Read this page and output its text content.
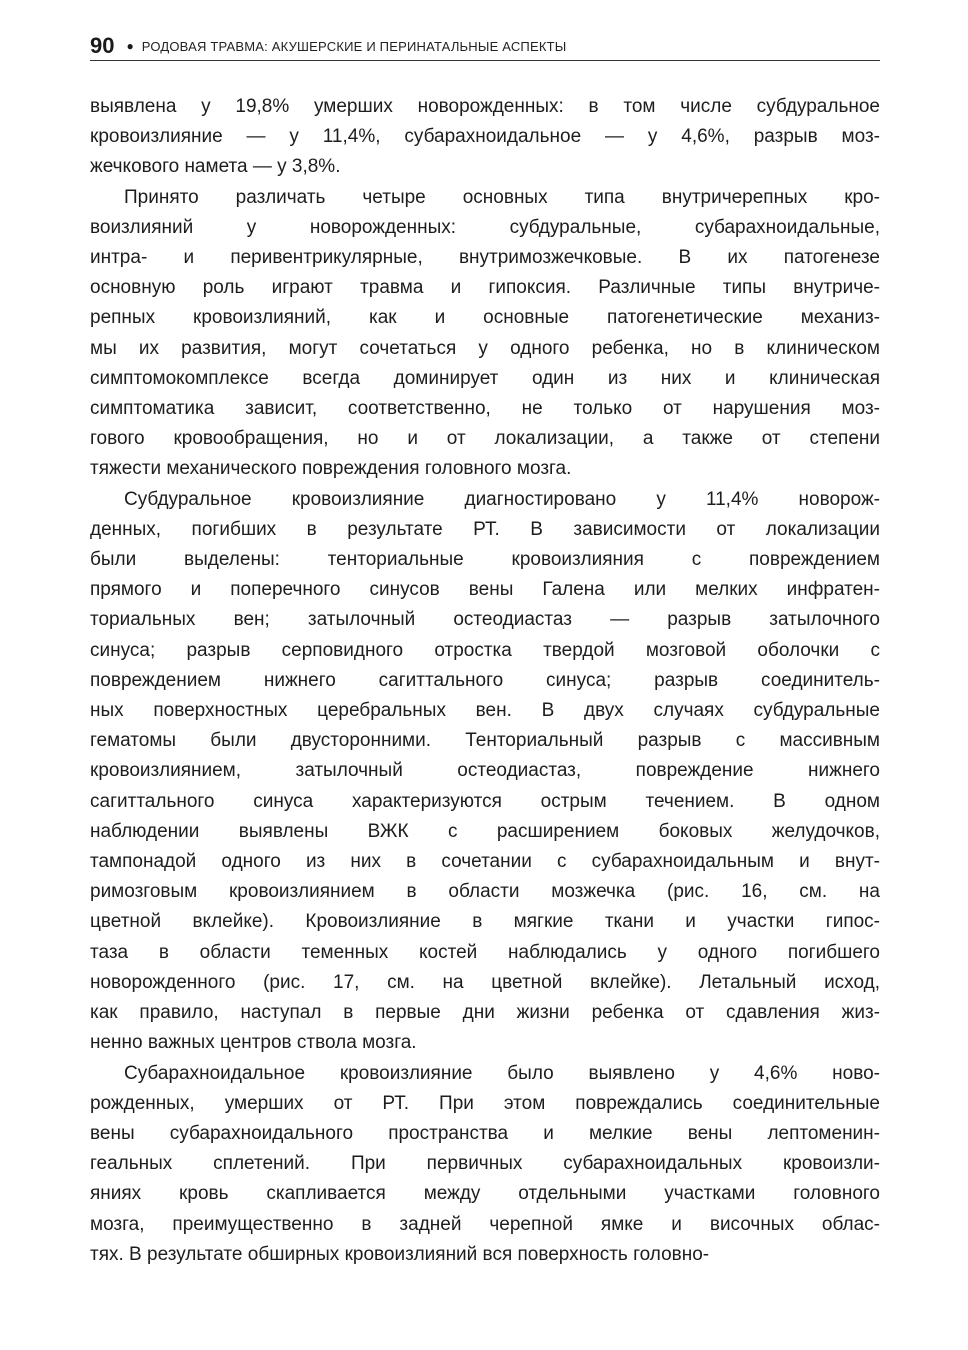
90 ● РОДОВАЯ ТРАВМА: АКУШЕРСКИЕ И ПЕРИНАТАЛЬНЫЕ АСПЕКТЫ
выявлена у 19,8% умерших новорожденных: в том числе субдуральное
кровоизлияние — у 11,4%, субарахноидальное — у 4,6%, разрыв моз-
жечкового намета — у 3,8%.
Принято различать четыре основных типа внутричерепных кро-
воизлияний у новорожденных: субдуральные, субарахноидальные,
интра- и перивентрикулярные, внутримозжечковые. В их патогенезе
основную роль играют травма и гипоксия. Различные типы внутриче-
репных кровоизлияний, как и основные патогенетические механиз-
мы их развития, могут сочетаться у одного ребенка, но в клиническом
симптомокомплексе всегда доминирует один из них и клиническая
симптоматика зависит, соответственно, не только от нарушения моз-
гового кровообращения, но и от локализации, а также от степени
тяжести механического повреждения головного мозга.
Субдуральное кровоизлияние диагностировано у 11,4% новорож-
денных, погибших в результате РТ. В зависимости от локализации
были выделены: тенториальные кровоизлияния с повреждением
прямого и поперечного синусов вены Галена или мелких инфратен-
ториальных вен; затылочный остеодиастаз — разрыв затылочного
синуса; разрыв серповидного отростка твердой мозговой оболочки с
повреждением нижнего сагиттального синуса; разрыв соединитель-
ных поверхностных церебральных вен. В двух случаях субдуральные
гематомы были двусторонними. Тенториальный разрыв с массивным
кровоизлиянием, затылочный остеодиастаз, повреждение нижнего
сагиттального синуса характеризуются острым течением. В одном
наблюдении выявлены ВЖК с расширением боковых желудочков,
тампонадой одного из них в сочетании с субарахноидальным и внут-
римозговым кровоизлиянием в области мозжечка (рис. 16, см. на
цветной вклейке). Кровоизлияние в мягкие ткани и участки гипос-
таза в области теменных костей наблюдались у одного погибшего
новорожденного (рис. 17, см. на цветной вклейке). Летальный исход,
как правило, наступал в первые дни жизни ребенка от сдавления жиз-
ненно важных центров ствола мозга.
Субарахноидальное кровоизлияние было выявлено у 4,6% ново-
рожденных, умерших от РТ. При этом повреждались соединительные
вены субарахноидального пространства и мелкие вены лептоменин-
геальных сплетений. При первичных субарахноидальных кровоизли-
яниях кровь скапливается между отдельными участками головного
мозга, преимущественно в задней черепной ямке и височных облас-
тях. В результате обширных кровоизлияний вся поверхность головно-
